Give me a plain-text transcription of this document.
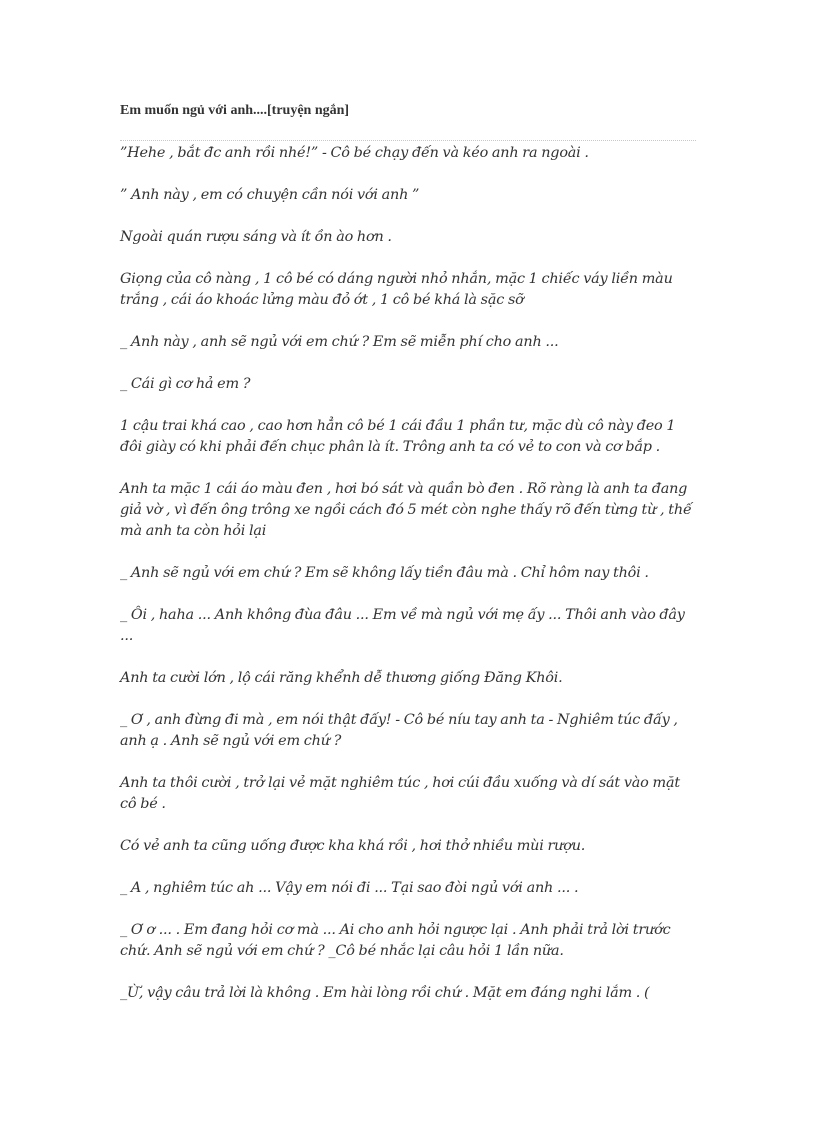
Em muốn ngủ với anh....[truyện ngắn]

”Hehe , bắt đc anh rồi nhé!” - Cô bé chạy đến và kéo anh ra ngoài .

” Anh này , em có chuyện cần nói với anh ”

Ngoài quán rượu sáng và ít ồn ào hơn .

Giọng của cô nàng , 1 cô bé có dáng người nhỏ nhắn, mặc 1 chiếc váy liền màu trắng , cái áo khoác lửng màu đỏ ớt , 1 cô bé khá là sặc sỡ

_ Anh này , anh sẽ ngủ với em chứ ? Em sẽ miễn phí cho anh ...

_ Cái gì cơ hả em ?

1 cậu trai khá cao , cao hơn hẳn cô bé 1 cái đầu 1 phần tư, mặc dù cô này đeo 1 đôi giày có khi phải đến chục phân là ít. Trông anh ta có vẻ to con và cơ bắp .

Anh ta mặc 1 cái áo màu đen , hơi bó sát và quần bò đen . Rõ ràng là anh ta đang giả vờ , vì đến ông trông xe ngồi cách đó 5 mét còn nghe thấy rõ đến từng từ , thế mà anh ta còn hỏi lại

_ Anh sẽ ngủ với em chứ ? Em sẽ không lấy tiền đâu mà . Chỉ hôm nay thôi .

_ Ôi , haha ... Anh không đùa đâu ... Em về mà ngủ với mẹ ấy ... Thôi anh vào đây ...

Anh ta cười lớn , lộ cái răng khểnh dễ thương giống Đăng Khôi.

_ Ơ , anh đừng đi mà , em nói thật đấy! - Cô bé níu tay anh ta - Nghiêm túc đấy , anh ạ . Anh sẽ ngủ với em chứ ?

Anh ta thôi cười , trở lại vẻ mặt nghiêm túc , hơi cúi đầu xuống và dí sát vào mặt cô bé .

Có vẻ anh ta cũng uống được kha khá rồi , hơi thở nhiều mùi rượu.

_ A , nghiêm túc ah ... Vậy em nói đi ... Tại sao đòi ngủ với anh ... .

_ Ơ ơ ... . Em đang hỏi cơ mà ... Ai cho anh hỏi ngược lại . Anh phải trả lời trước chứ. Anh sẽ ngủ với em chứ ? _Cô bé nhắc lại câu hỏi 1 lần nữa.

_Ừ, vậy câu trả lời là không . Em hài lòng rồi chứ . Mặt em đáng nghi lắm . (
